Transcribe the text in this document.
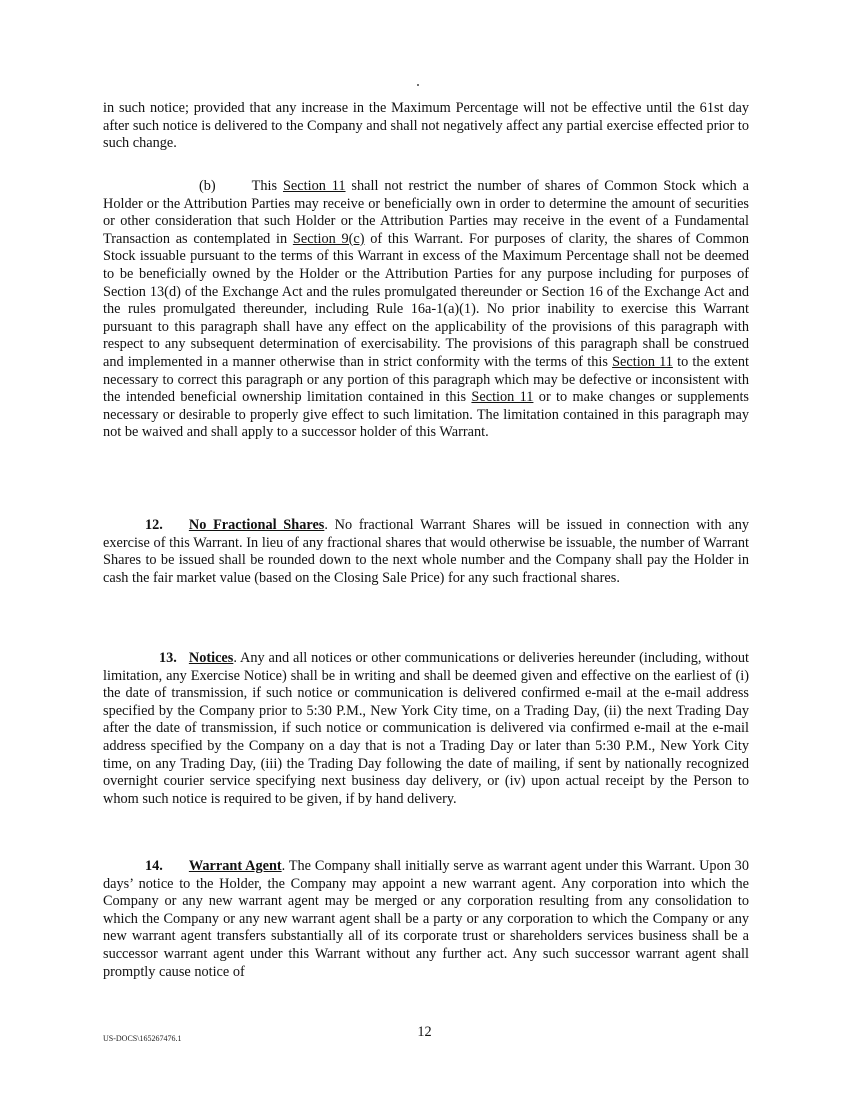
in such notice; provided that any increase in the Maximum Percentage will not be effective until the 61st day after such notice is delivered to the Company and shall not negatively affect any partial exercise effected prior to such change.

(b)	This Section 11 shall not restrict the number of shares of Common Stock which a Holder or the Attribution Parties may receive or beneficially own in order to determine the amount of securities or other consideration that such Holder or the Attribution Parties may receive in the event of a Fundamental Transaction as contemplated in Section 9(c) of this Warrant. For purposes of clarity, the shares of Common Stock issuable pursuant to the terms of this Warrant in excess of the Maximum Percentage shall not be deemed to be beneficially owned by the Holder or the Attribution Parties for any purpose including for purposes of Section 13(d) of the Exchange Act and the rules promulgated thereunder or Section 16 of the Exchange Act and the rules promulgated thereunder, including Rule 16a-1(a)(1). No prior inability to exercise this Warrant pursuant to this paragraph shall have any effect on the applicability of the provisions of this paragraph with respect to any subsequent determination of exercisability. The provisions of this paragraph shall be construed and implemented in a manner otherwise than in strict conformity with the terms of this Section 11 to the extent necessary to correct this paragraph or any portion of this paragraph which may be defective or inconsistent with the intended beneficial ownership limitation contained in this Section 11 or to make changes or supplements necessary or desirable to properly give effect to such limitation. The limitation contained in this paragraph may not be waived and shall apply to a successor holder of this Warrant.

12. No Fractional Shares. No fractional Warrant Shares will be issued in connection with any exercise of this Warrant. In lieu of any fractional shares that would otherwise be issuable, the number of Warrant Shares to be issued shall be rounded down to the next whole number and the Company shall pay the Holder in cash the fair market value (based on the Closing Sale Price) for any such fractional shares.

13. Notices. Any and all notices or other communications or deliveries hereunder (including, without limitation, any Exercise Notice) shall be in writing and shall be deemed given and effective on the earliest of (i) the date of transmission, if such notice or communication is delivered confirmed e-mail at the e-mail address specified by the Company prior to 5:30 P.M., New York City time, on a Trading Day, (ii) the next Trading Day after the date of transmission, if such notice or communication is delivered via confirmed e-mail at the e-mail address specified by the Company on a day that is not a Trading Day or later than 5:30 P.M., New York City time, on any Trading Day, (iii) the Trading Day following the date of mailing, if sent by nationally recognized overnight courier service specifying next business day delivery, or (iv) upon actual receipt by the Person to whom such notice is required to be given, if by hand delivery.

14. Warrant Agent. The Company shall initially serve as warrant agent under this Warrant. Upon 30 days’ notice to the Holder, the Company may appoint a new warrant agent. Any corporation into which the Company or any new warrant agent may be merged or any corporation resulting from any consolidation to which the Company or any new warrant agent shall be a party or any corporation to which the Company or any new warrant agent transfers substantially all of its corporate trust or shareholders services business shall be a successor warrant agent under this Warrant without any further act. Any such successor warrant agent shall promptly cause notice of

12
US-DOCS\165267476.1
